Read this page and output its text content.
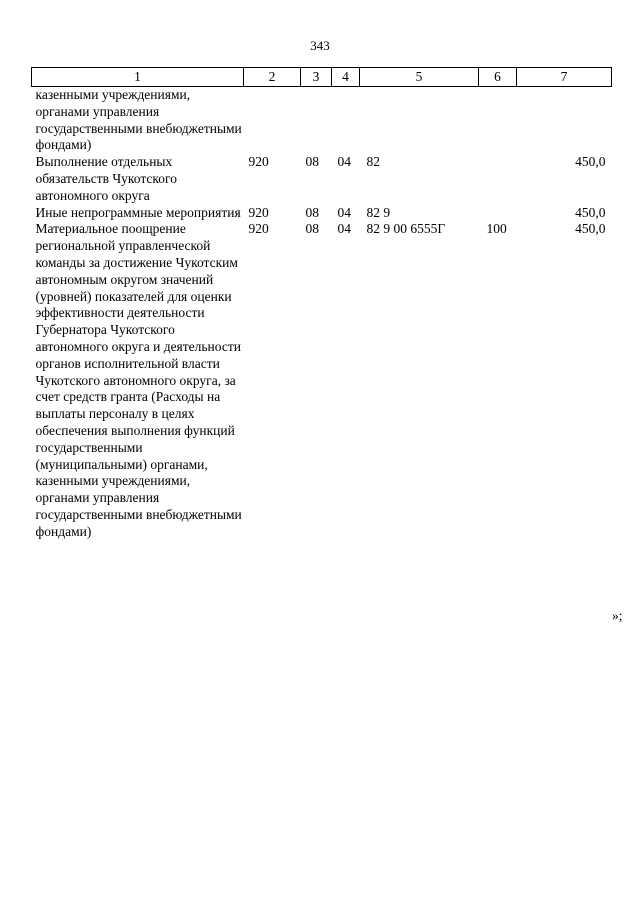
343
1	2	3	4	5	6	7
казенными учреждениями, органами управления государственными внебюджетными фондами)						
Выполнение отдельных обязательств Чукотского автономного округа	920	08	04	82		450,0
Иные непрограммные мероприятия	920	08	04	82 9		450,0
Материальное поощрение региональной управленческой команды за достижение Чукотским автономным округом значений (уровней) показателей для оценки эффективности деятельности Губернатора Чукотского автономного округа и деятельности органов исполнительной власти Чукотского автономного округа, за счет средств гранта (Расходы на выплаты персоналу в целях обеспечения выполнения функций государственными (муниципальными) органами, казенными учреждениями, органами управления государственными внебюджетными фондами)	920	08	04	82 9 00 6555Г	100	450,0
»;
